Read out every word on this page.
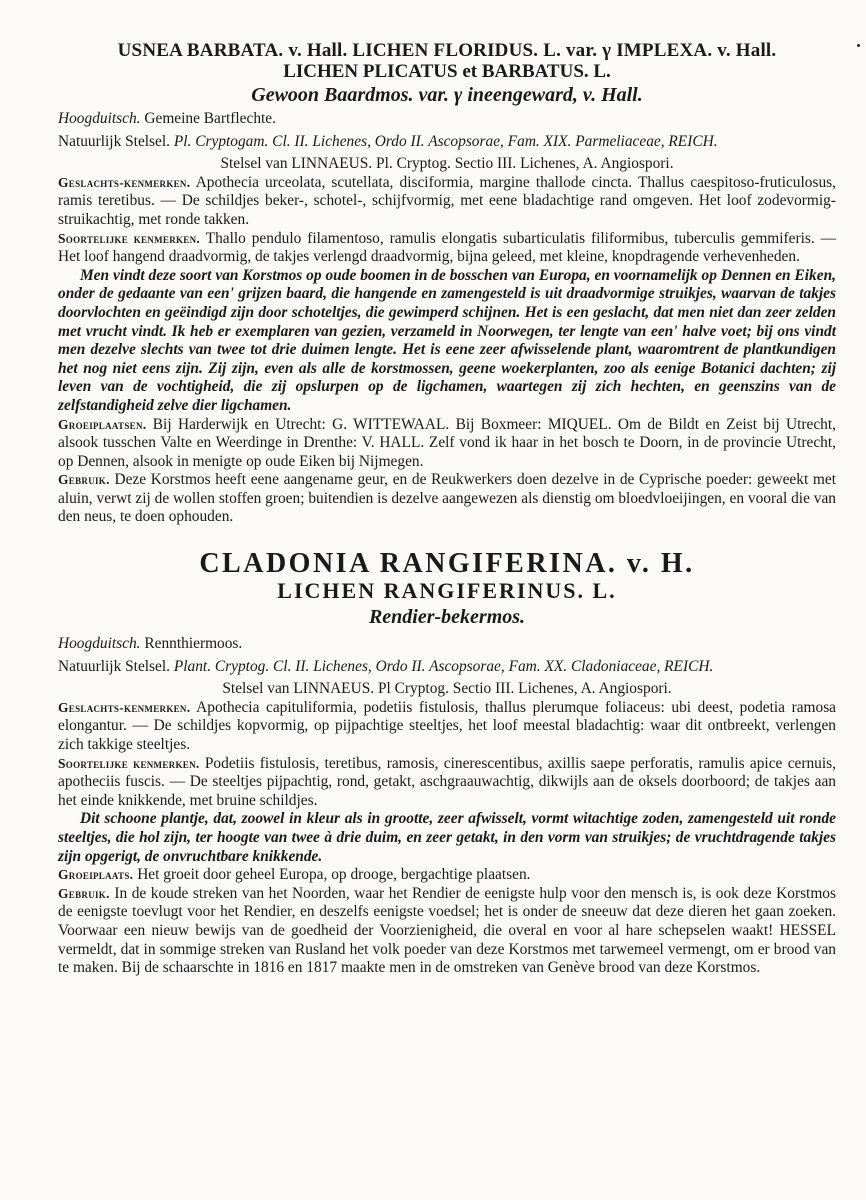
USNEA BARBATA. v. Hall. LICHEN FLORIDUS. L. var. γ IMPLEXA. v. Hall.
LICHEN PLICATUS et BARBATUS. L.
Gewoon Baardmos. var. γ ineengeward, v. Hall.

Hoogduitsch. Gemeine Bartflechte.

Natuurlijk Stelsel. Pl. Cryptogam. Cl. II. Lichenes, Ordo II. Ascopsorae, Fam. XIX. Parmeliaceae, REICH.

Stelsel van LINNAEUS. Pl. Cryptog. Sectio III. Lichenes, A. Angiospori.

Geslachts-kenmerken. Apothecia urceolata, scutellata, disciformia, margine thallode cincta. Thallus caespitoso-fruticulosus, ramis teretibus. — De schildjes beker-, schotel-, schijfvormig, met eene bladachtige rand omgeven. Het loof zodevormig-struikachtig, met ronde takken.

Soortelijke kenmerken. Thallo pendulo filamentoso, ramulis elongatis subarticulatis filiformibus, tuberculis gemmiferis. — Het loof hangend draadvormig, de takjes verlengd draadvormig, bijna geleed, met kleine, knopdragende verhevenheden.

Men vindt deze soort van Korstmos op oude boomen in de bosschen van Europa, en voornamelijk op Dennen en Eiken, onder de gedaante van een' grijzen baard, die hangende en zamengesteld is uit draadvormige struikjes, waarvan de takjes doorvlochten en geëindigd zijn door schoteltjes, die gewimperd schijnen. Het is een geslacht, dat men niet dan zeer zelden met vrucht vindt. Ik heb er exemplaren van gezien, verzameld in Noorwegen, ter lengte van een' halve voet; bij ons vindt men dezelve slechts van twee tot drie duimen lengte. Het is eene zeer afwisselende plant, waaromtrent de plantkundigen het nog niet eens zijn. Zij zijn, even als alle de korstmossen, geene woekerplanten, zoo als eenige Botanici dachten; zij leven van de vochtigheid, die zij opslurpen op de ligchamen, waartegen zij zich hechten, en geenszins van de zelfstandigheid zelve dier ligchamen.

Groeiplaatsen. Bij Harderwijk en Utrecht: G. WITTEWAAL. Bij Boxmeer: MIQUEL. Om de Bildt en Zeist bij Utrecht, alsook tusschen Valte en Weerdinge in Drenthe: V. HALL. Zelf vond ik haar in het bosch te Doorn, in de provincie Utrecht, op Dennen, alsook in menigte op oude Eiken bij Nijmegen.

Gebruik. Deze Korstmos heeft eene aangename geur, en de Reukwerkers doen dezelve in de Cyprische poeder: geweekt met aluin, verwt zij de wollen stoffen groen; buitendien is dezelve aangewezen als dienstig om bloedvloeijingen, en vooral die van den neus, te doen ophouden.

CLADONIA RANGIFERINA. v. H.
LICHEN RANGIFERINUS. L.
Rendier-bekermos.

Hoogduitsch. Rennthiermoos.

Natuurlijk Stelsel. Plant. Cryptog. Cl. II. Lichenes, Ordo II. Ascopsorae, Fam. XX. Cladoniaceae, REICH.

Stelsel van LINNAEUS. Pl Cryptog. Sectio III. Lichenes, A. Angiospori.

Geslachts-kenmerken. Apothecia capituliformia, podetiis fistulosis, thallus plerumque foliaceus: ubi deest, podetia ramosa elongantur. — De schildjes kopvormig, op pijpachtige steeltjes, het loof meestal bladachtig: waar dit ontbreekt, verlengen zich takkige steeltjes.

Soortelijke kenmerken. Podetiis fistulosis, teretibus, ramosis, cinerescentibus, axillis saepe perforatis, ramulis apice cernuis, apotheciis fuscis. — De steeltjes pijpachtig, rond, getakt, aschgraauwachtig, dikwijls aan de oksels doorboord; de takjes aan het einde knikkende, met bruine schildjes.

Dit schoone plantje, dat, zoowel in kleur als in grootte, zeer afwisselt, vormt witachtige zoden, zamengesteld uit ronde steeltjes, die hol zijn, ter hoogte van twee à drie duim, en zeer getakt, in den vorm van struikjes; de vruchtdragende takjes zijn opgerigt, de onvruchtbare knikkende.

Groeiplaats. Het groeit door geheel Europa, op drooge, bergachtige plaatsen.

Gebruik. In de koude streken van het Noorden, waar het Rendier de eenigste hulp voor den mensch is, is ook deze Korstmos de eenigste toevlugt voor het Rendier, en deszelfs eenigste voedsel; het is onder de sneeuw dat deze dieren het gaan zoeken. Voorwaar een nieuw bewijs van de goedheid der Voorzienigheid, die overal en voor al hare schepselen waakt! HESSEL vermeldt, dat in sommige streken van Rusland het volk poeder van deze Korstmos met tarwemeel vermengt, om er brood van te maken. Bij de schaarschte in 1816 en 1817 maakte men in de omstreken van Genève brood van deze Korstmos.
